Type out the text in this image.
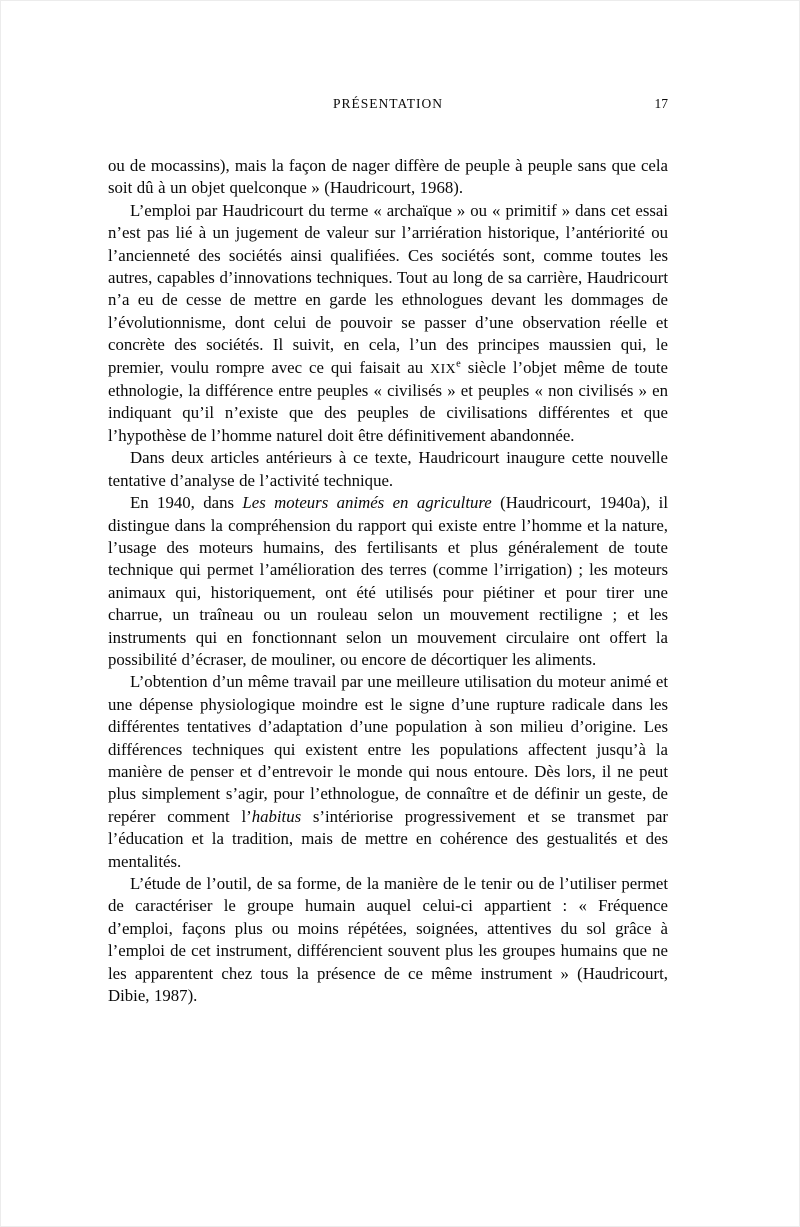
PRÉSENTATION	17

ou de mocassins), mais la façon de nager diffère de peuple à peuple sans que cela soit dû à un objet quelconque » (Haudricourt, 1968).

L’emploi par Haudricourt du terme « archaïque » ou « primitif » dans cet essai n’est pas lié à un jugement de valeur sur l’arriération historique, l’antériorité ou l’ancienneté des sociétés ainsi qualifiées. Ces sociétés sont, comme toutes les autres, capables d’innovations techniques. Tout au long de sa carrière, Haudricourt n’a eu de cesse de mettre en garde les ethnologues devant les dommages de l’évolutionnisme, dont celui de pouvoir se passer d’une observation réelle et concrète des sociétés. Il suivit, en cela, l’un des principes maussien qui, le premier, voulu rompre avec ce qui faisait au XIXe siècle l’objet même de toute ethnologie, la différence entre peuples « civilisés » et peuples « non civilisés » en indiquant qu’il n’existe que des peuples de civilisations différentes et que l’hypothèse de l’homme naturel doit être définitivement abandonnée.

Dans deux articles antérieurs à ce texte, Haudricourt inaugure cette nouvelle tentative d’analyse de l’activité technique.

En 1940, dans Les moteurs animés en agriculture (Haudricourt, 1940a), il distingue dans la compréhension du rapport qui existe entre l’homme et la nature, l’usage des moteurs humains, des fertilisants et plus généralement de toute technique qui permet l’amélioration des terres (comme l’irrigation) ; les moteurs animaux qui, historiquement, ont été utilisés pour piétiner et pour tirer une charrue, un traîneau ou un rouleau selon un mouvement rectiligne ; et les instruments qui en fonctionnant selon un mouvement circulaire ont offert la possibilité d’écraser, de mouliner, ou encore de décortiquer les aliments.

L’obtention d’un même travail par une meilleure utilisation du moteur animé et une dépense physiologique moindre est le signe d’une rupture radicale dans les différentes tentatives d’adaptation d’une population à son milieu d’origine. Les différences techniques qui existent entre les populations affectent jusqu’à la manière de penser et d’entrevoir le monde qui nous entoure. Dès lors, il ne peut plus simplement s’agir, pour l’ethnologue, de connaître et de définir un geste, de repérer comment l’habitus s’intériorise progressivement et se transmet par l’éducation et la tradition, mais de mettre en cohérence des gestualités et des mentalités.

L’étude de l’outil, de sa forme, de la manière de le tenir ou de l’utiliser permet de caractériser le groupe humain auquel celui-ci appartient : « Fréquence d’emploi, façons plus ou moins répétées, soignées, attentives du sol grâce à l’emploi de cet instrument, différencient souvent plus les groupes humains que ne les apparentent chez tous la présence de ce même instrument » (Haudricourt, Dibie, 1987).
